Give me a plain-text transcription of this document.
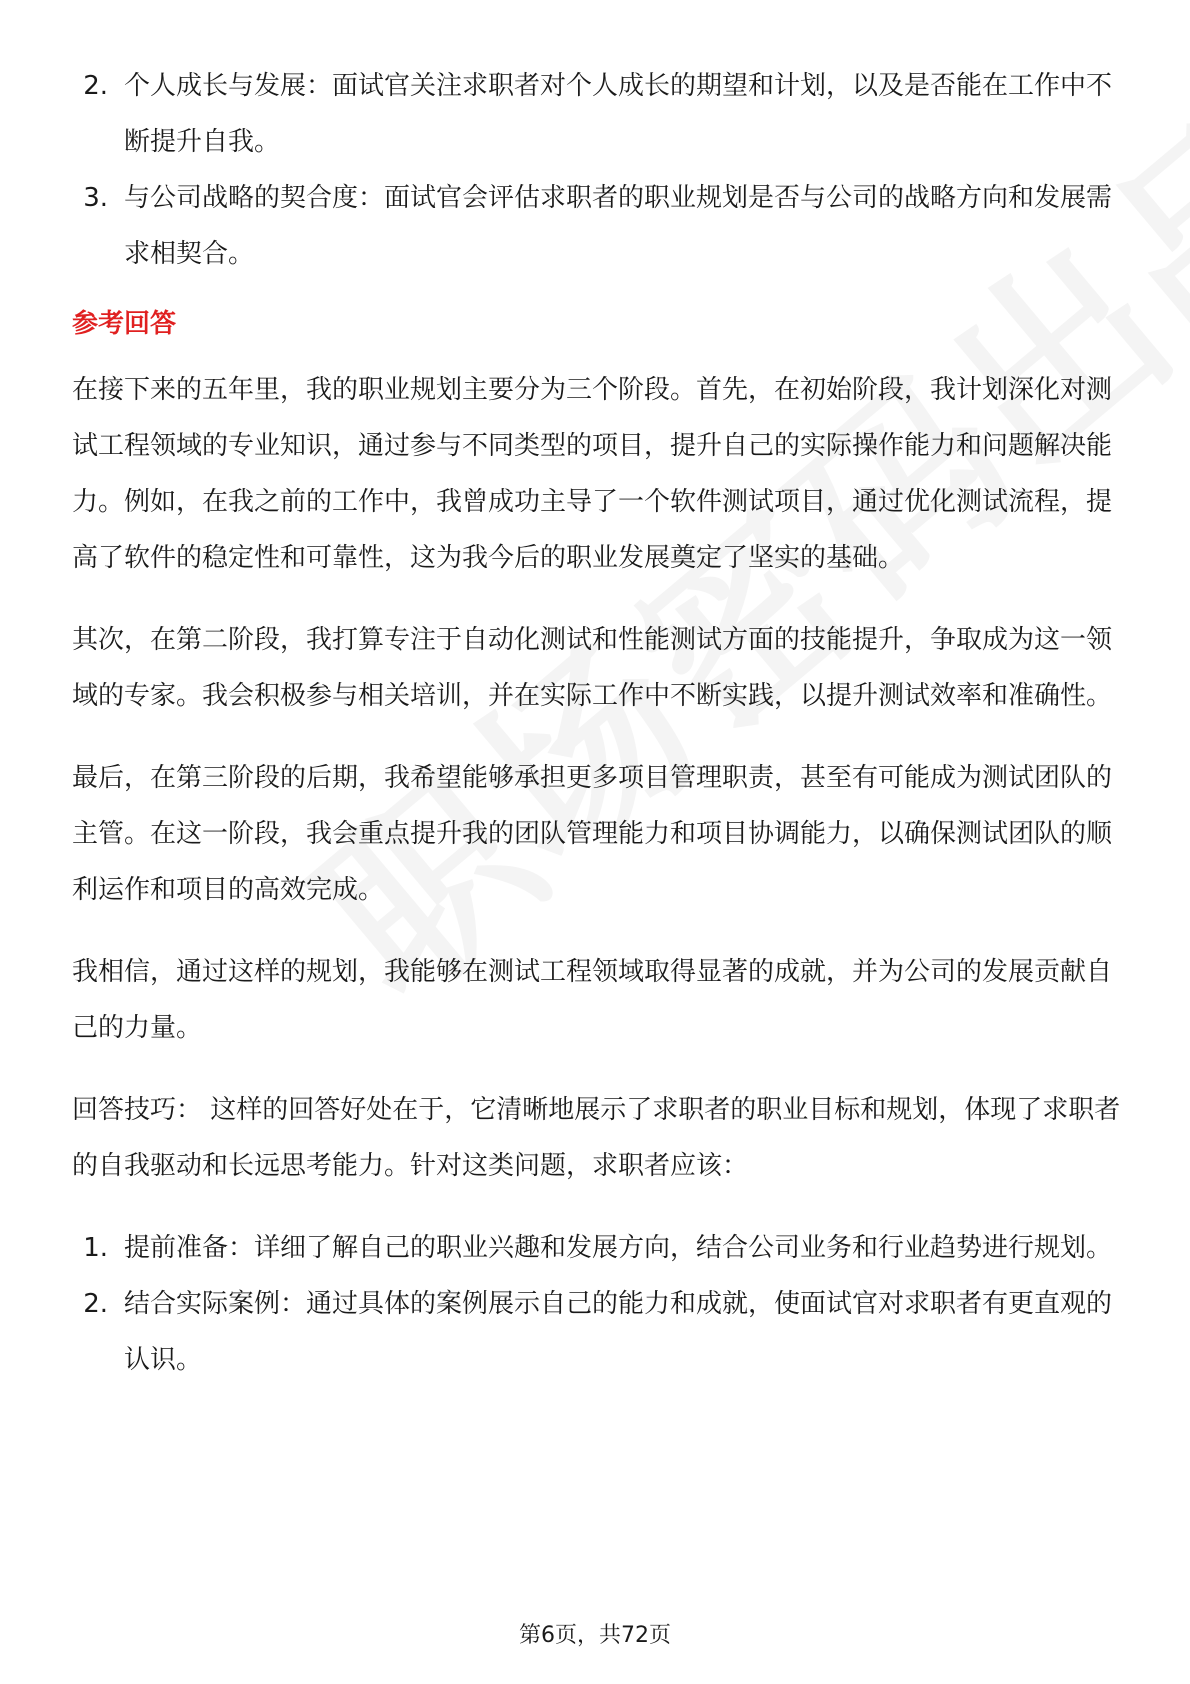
2. 个人成长与发展：面试官关注求职者对个人成长的期望和计划，以及是否能在工作中不断提升自我。
3. 与公司战略的契合度：面试官会评估求职者的职业规划是否与公司的战略方向和发展需求相契合。
参考回答

在接下来的五年里，我的职业规划主要分为三个阶段。首先，在初始阶段，我计划深化对测试工程领域的专业知识，通过参与不同类型的项目，提升自己的实际操作能力和问题解决能力。例如，在我之前的工作中，我曾成功主导了一个软件测试项目，通过优化测试流程，提高了软件的稳定性和可靠性，这为我今后的职业发展奠定了坚实的基础。

其次，在第二阶段，我打算专注于自动化测试和性能测试方面的技能提升，争取成为这一领域的专家。我会积极参与相关培训，并在实际工作中不断实践，以提升测试效率和准确性。

最后，在第三阶段的后期，我希望能够承担更多项目管理职责，甚至有可能成为测试团队的主管。在这一阶段，我会重点提升我的团队管理能力和项目协调能力，以确保测试团队的顺利运作和项目的高效完成。

我相信，通过这样的规划，我能够在测试工程领域取得显著的成就，并为公司的发展贡献自己的力量。

回答技巧： 这样的回答好处在于，它清晰地展示了求职者的职业目标和规划，体现了求职者的自我驱动和长远思考能力。针对这类问题，求职者应该：

1. 提前准备：详细了解自己的职业兴趣和发展方向，结合公司业务和行业趋势进行规划。
2. 结合实际案例：通过具体的案例展示自己的能力和成就，使面试官对求职者有更直观的认识。
第6页，共72页
